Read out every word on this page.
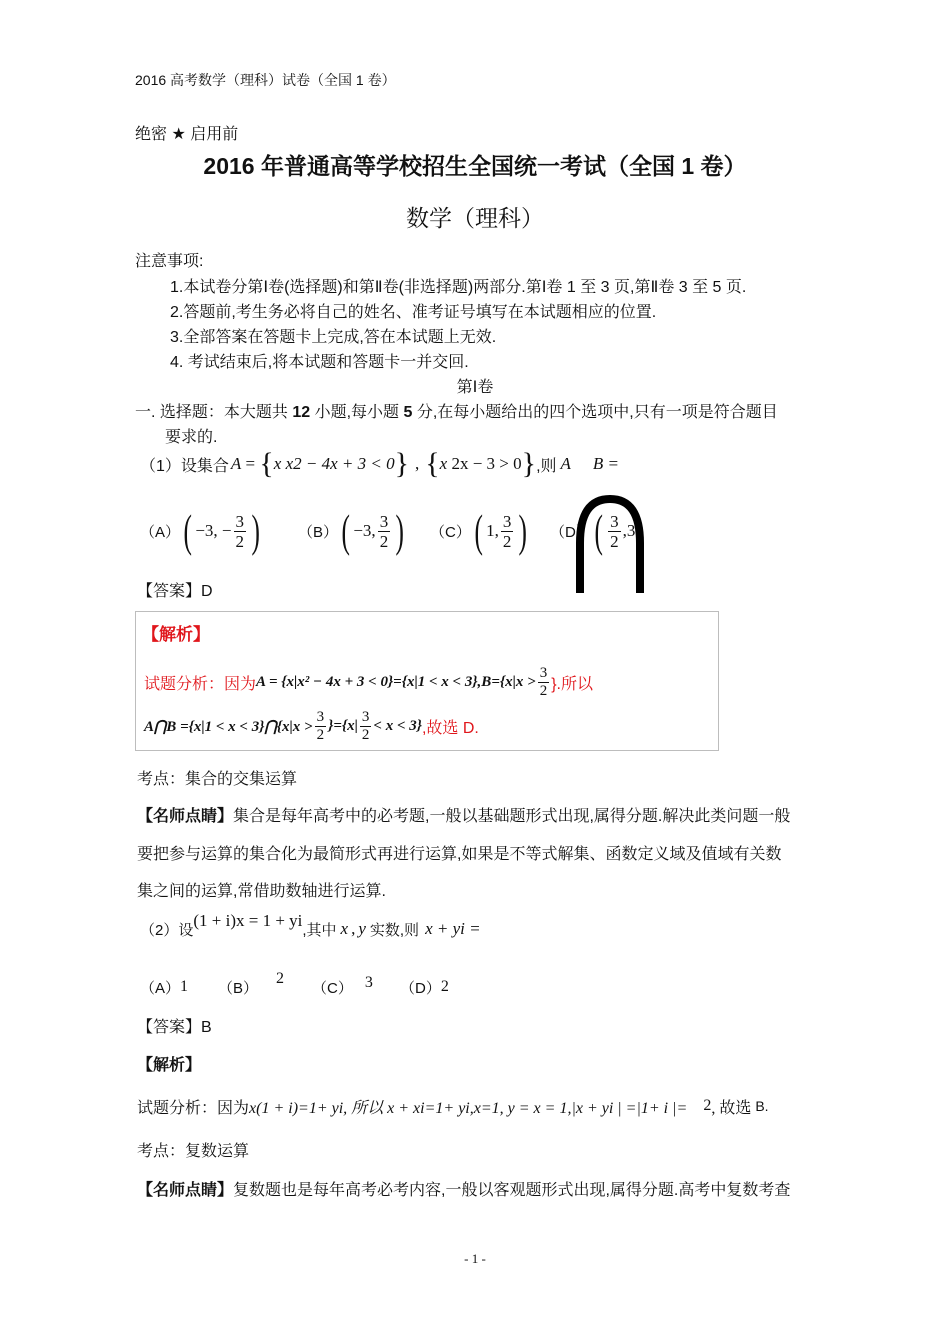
2016 高考数学（理科）试卷（全国 1 卷）
绝密 ★ 启用前
2016 年普通高等学校招生全国统一考试（全国 1 卷）
数学（理科）
注意事项:
1.本试卷分第Ⅰ卷(选择题)和第Ⅱ卷(非选择题)两部分.第Ⅰ卷 1 至 3 页,第Ⅱ卷 3 至 5 页.
2.答题前,考生务必将自己的姓名、准考证号填写在本试题相应的位置.
3.全部答案在答题卡上完成,答在本试题上无效.
4. 考试结束后,将本试题和答题卡一并交回.
第Ⅰ卷
一. 选择题：本大题共 12 小题,每小题 5 分,在每小题给出的四个选项中,只有一项是符合题目
要求的.
（1）设集合 A = { x
x2 − 4x + 3 < 0 } , { x
2x − 3 > 0 } ,则 A B =
（A） ( −3, − $\frac{3}{2}$ )	（B） ( −3, $\frac{3}{2}$ ) （C） ( 1, $\frac{3}{2}$ ) （D） ( $\frac{3}{2} ,3$
【答案】D
【解析】
试题分析：因为 $A = \{x|x^2 - 4x + 3 < 0\}=\{x|1 < x < 3\},B=\{x|x > \frac{3}{2}$ }.所以
A⋂B ={x|1 < x < 3}⋂{x|x > $\frac{3}{2} \}=\{x| \frac{3}{2} < x < 3\}$ ,故选 D.
考点：集合的交集运算
【名师点睛】集合是每年高考中的必考题,一般以基础题形式出现,属得分题.解决此类问题一般
要把参与运算的集合化为最简形式再进行运算,如果是不等式解集、函数定义域及值域有关数
集之间的运算,常借助数轴进行运算.
（2）设 (1 + i)x = 1 + yi ,其中 x , y 实数,则 x + yi =
（A） 1 （B）
2
（C） 3 （D） 2
【答案】B
【解析】
试题分析：因为 x(1 + i)=1+ yi, 所以 x + xi=1+ yi,x=1, y = x = 1,|x + yi | =|1+ i |= 2 , 故选 B.
考点：复数运算
【名师点睛】复数题也是每年高考必考内容,一般以客观题形式出现,属得分题.高考中复数考查
- 1 -
